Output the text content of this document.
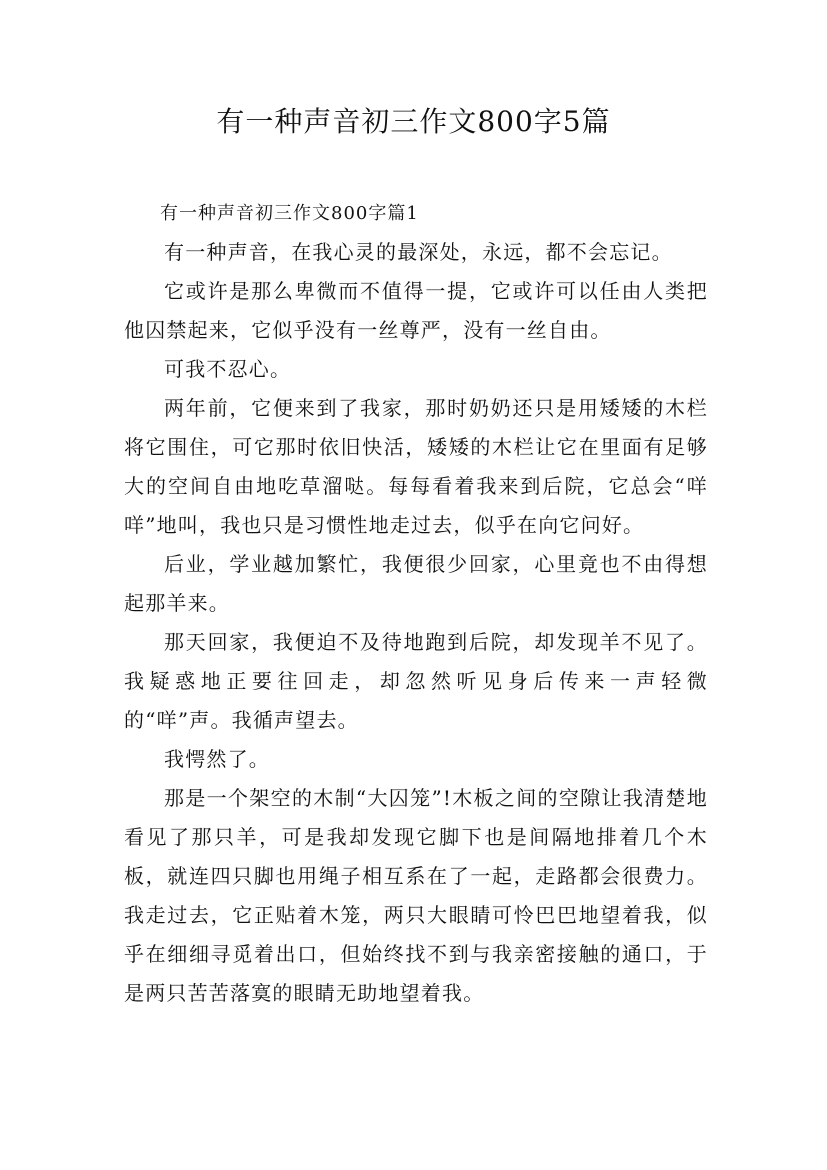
有一种声音初三作文800字5篇

有一种声音初三作文800字篇1

有一种声音，在我心灵的最深处，永远，都不会忘记。

它或许是那么卑微而不值得一提，它或许可以任由人类把他囚禁起来，它似乎没有一丝尊严，没有一丝自由。

可我不忍心。

两年前，它便来到了我家，那时奶奶还只是用矮矮的木栏将它围住，可它那时依旧快活，矮矮的木栏让它在里面有足够大的空间自由地吃草溜哒。每每看着我来到后院，它总会“咩咩”地叫，我也只是习惯性地走过去，似乎在向它问好。

后业，学业越加繁忙，我便很少回家，心里竟也不由得想起那羊来。

那天回家，我便迫不及待地跑到后院，却发现羊不见了。我疑惑地正要往回走，却忽然听见身后传来一声轻微的“咩”声。我循声望去。

我愕然了。

那是一个架空的木制“大囚笼”!木板之间的空隙让我清楚地看见了那只羊，可是我却发现它脚下也是间隔地排着几个木板，就连四只脚也用绳子相互系在了一起，走路都会很费力。我走过去，它正贴着木笼，两只大眼睛可怜巴巴地望着我，似乎在细细寻觅着出口，但始终找不到与我亲密接触的通口，于是两只苦苦落寞的眼睛无助地望着我。
